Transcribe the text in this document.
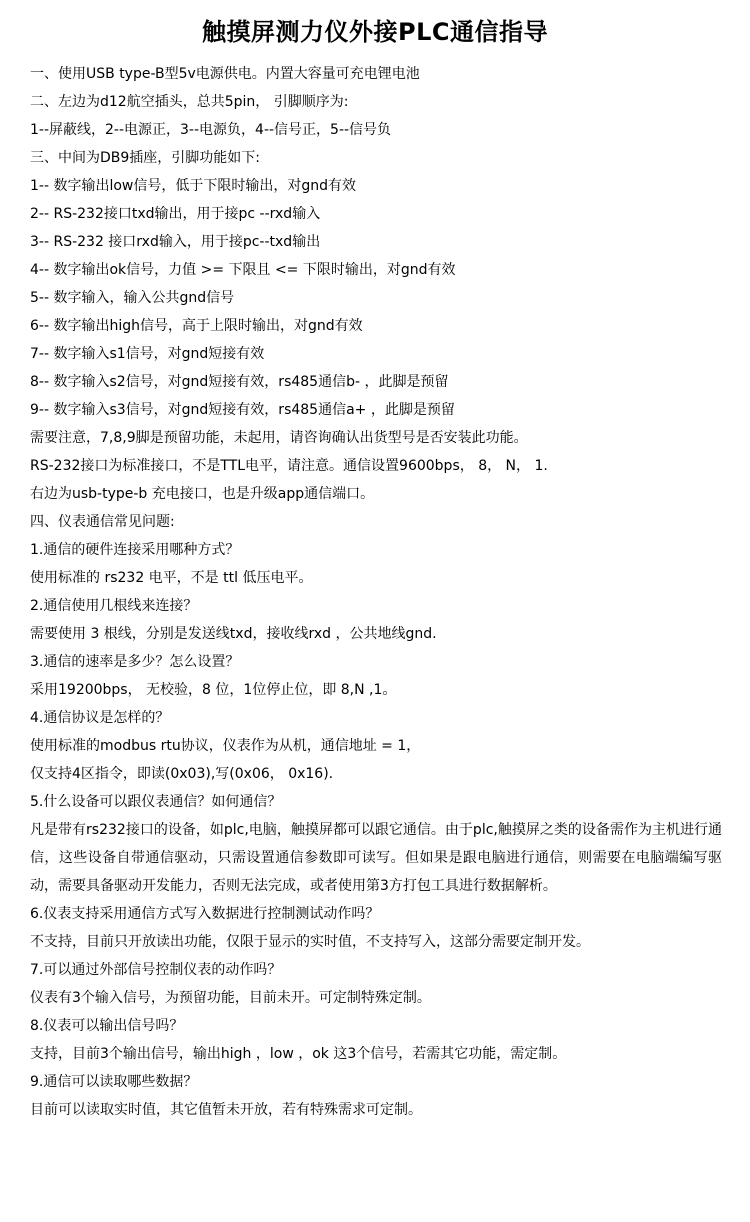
触摸屏测力仪外接PLC通信指导
一、使用USB type-B型5v电源供电。内置大容量可充电锂电池
二、左边为d12航空插头，总共5pin， 引脚顺序为:
1--屏蔽线，2--电源正，3--电源负，4--信号正，5--信号负
三、中间为DB9插座，引脚功能如下:
1-- 数字输出low信号，低于下限时输出，对gnd有效
2-- RS-232接口txd输出，用于接pc --rxd输入
3-- RS-232 接口rxd输入，用于接pc--txd输出
4-- 数字输出ok信号，力值 >= 下限且 <= 下限时输出，对gnd有效
5-- 数字输入，输入公共gnd信号
6-- 数字输出high信号，高于上限时输出，对gnd有效
7-- 数字输入s1信号，对gnd短接有效
8-- 数字输入s2信号，对gnd短接有效，rs485通信b- ，此脚是预留
9-- 数字输入s3信号，对gnd短接有效，rs485通信a+ ，此脚是预留
需要注意，7,8,9脚是预留功能，未起用，请咨询确认出货型号是否安装此功能。
RS-232接口为标准接口，不是TTL电平，请注意。通信设置9600bps， 8， N， 1.
右边为usb-type-b 充电接口，也是升级app通信端口。
四、仪表通信常见问题:
1.通信的硬件连接采用哪种方式？
使用标准的 rs232 电平，不是 ttl 低压电平。
2.通信使用几根线来连接？
需要使用 3 根线，分别是发送线txd，接收线rxd ，公共地线gnd.
3.通信的速率是多少？怎么设置？
采用19200bps， 无校验，8 位，1位停止位，即 8,N ,1。
4.通信协议是怎样的？
使用标准的modbus rtu协议，仪表作为从机，通信地址 = 1，
仅支持4区指令，即读(0x03),写(0x06， 0x16).
5.什么设备可以跟仪表通信？如何通信？
凡是带有rs232接口的设备，如plc,电脑，触摸屏都可以跟它通信。由于plc,触摸屏之类的设备需作为主机进行通信，这些设备自带通信驱动，只需设置通信参数即可读写。但如果是跟电脑进行通信，则需要在电脑端编写驱动，需要具备驱动开发能力，否则无法完成，或者使用第3方打包工具进行数据解析。
6.仪表支持采用通信方式写入数据进行控制测试动作吗？
不支持，目前只开放读出功能，仅限于显示的实时值，不支持写入，这部分需要定制开发。
7.可以通过外部信号控制仪表的动作吗？
仪表有3个输入信号，为预留功能，目前未开。可定制特殊定制。
8.仪表可以输出信号吗？
支持，目前3个输出信号，输出high ，low ，ok 这3个信号，若需其它功能，需定制。
9.通信可以读取哪些数据？
目前可以读取实时值，其它值暂未开放，若有特殊需求可定制。
